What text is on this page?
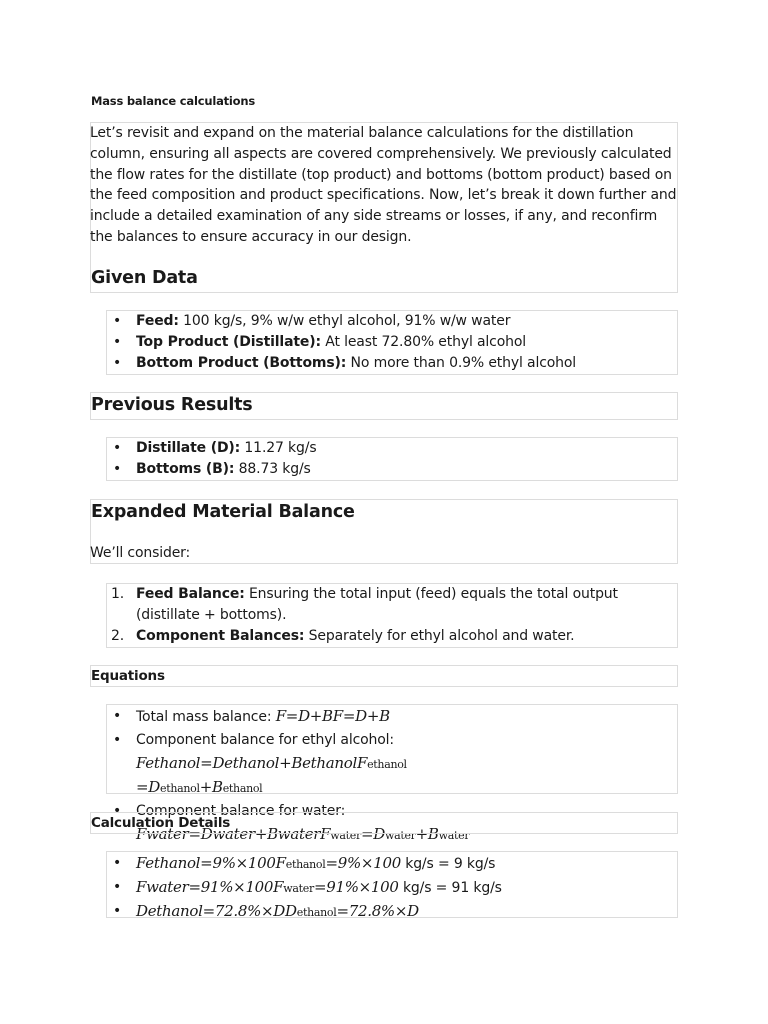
Mass balance calculations

Let’s revisit and expand on the material balance calculations for the distillation column, ensuring all aspects are covered comprehensively. We previously calculated the flow rates for the distillate (top product) and bottoms (bottom product) based on the feed composition and product specifications. Now, let’s break it down further and include a detailed examination of any side streams or losses, if any, and reconfirm the balances to ensure accuracy in our design.

Given Data
• Feed: 100 kg/s, 9% w/w ethyl alcohol, 91% w/w water
• Top Product (Distillate): At least 72.80% ethyl alcohol
• Bottom Product (Bottoms): No more than 0.9% ethyl alcohol
Previous Results
• Distillate (D): 11.27 kg/s
• Bottoms (B): 88.73 kg/s
Expanded Material Balance

We’ll consider:

1. Feed Balance: Ensuring the total input (feed) equals the total output (distillate + bottoms).
2. Component Balances: Separately for ethyl alcohol and water.
Equations
• Total mass balance: F=D+BF=D+B
• Component balance for ethyl alcohol: Fethanol=Dethanol+BethanolFethanol
=Dethanol+Bethanol
• Component balance for water: Fwater=Dwater+BwaterFwater=Dwater+Bwater
Calculation Details
• Fethanol=9%×100Fethanol=9%×100 kg/s = 9 kg/s
• Fwater=91%×100Fwater=91%×100 kg/s = 91 kg/s
• Dethanol=72.8%×DDethanol=72.8%×D
